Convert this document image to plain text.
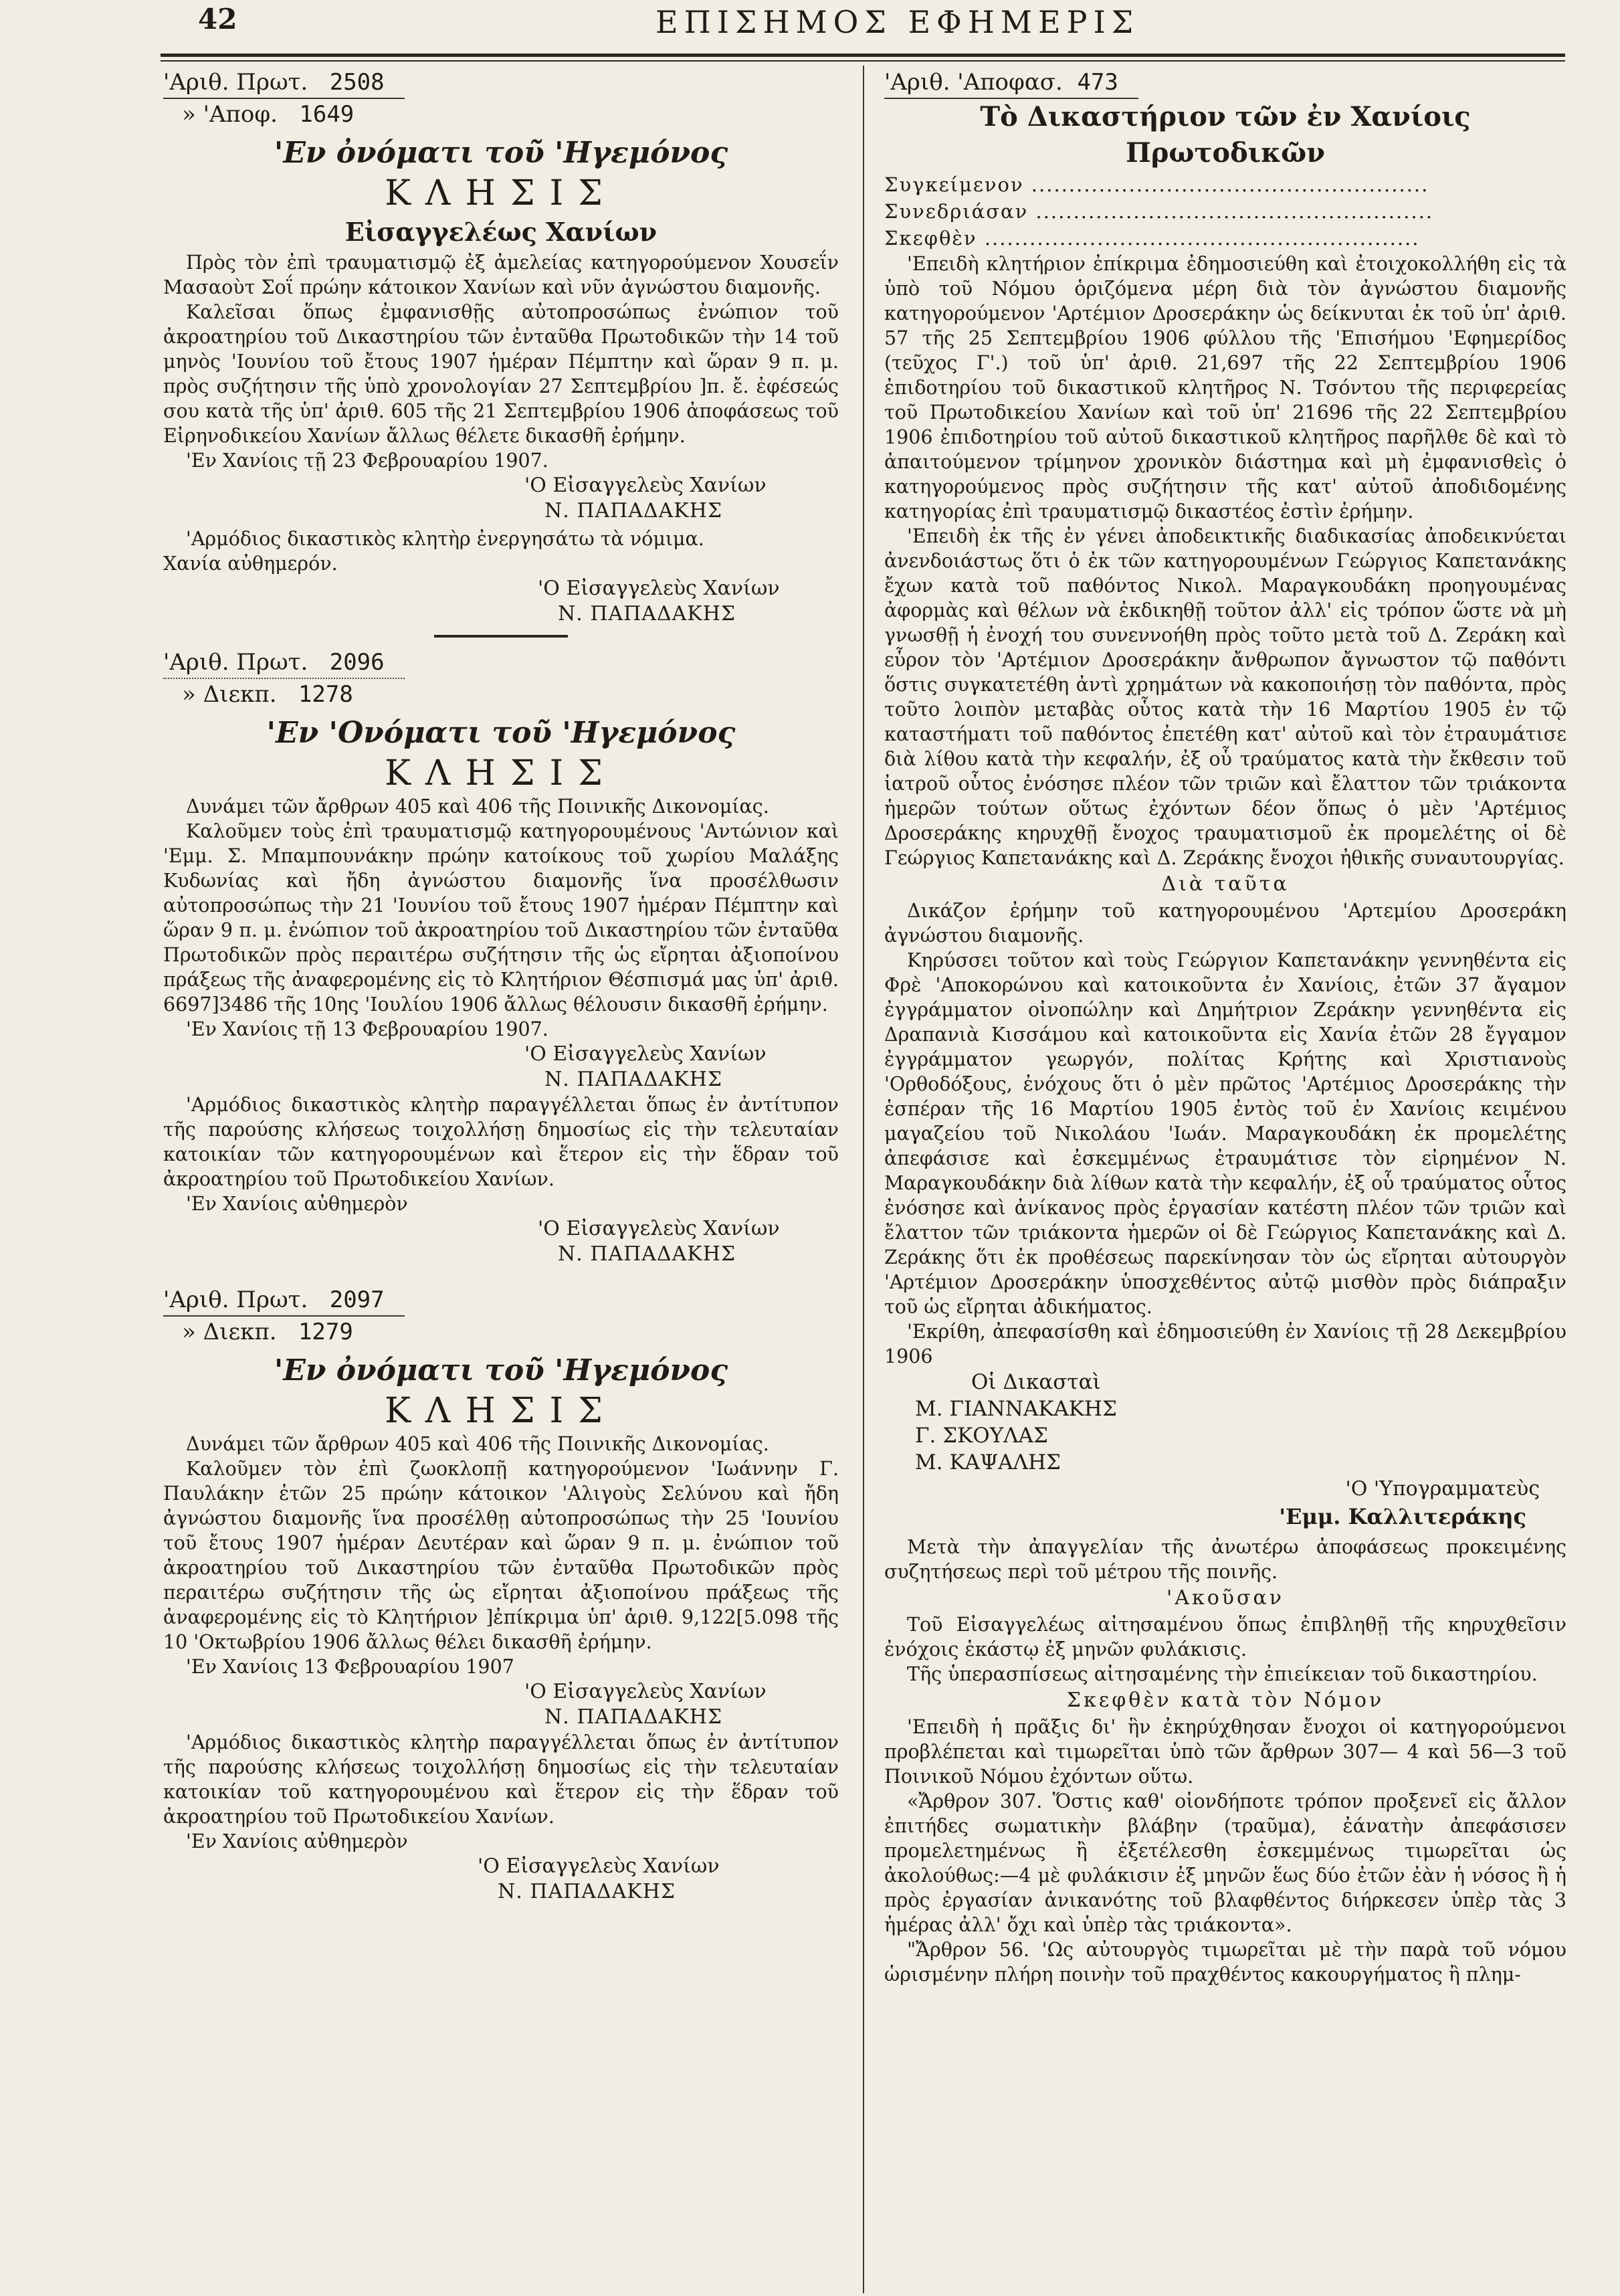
42	ΕΠΙΣΗΜΟΣ ΕΦΗΜΕΡΙΣ
'Αριθ. Πρωτ. 2508
» 'Αποφ. 1649
'Εν ὀνόματι τοῦ 'Ηγεμόνος
ΚΛΗΣΙΣ
Εἰσαγγελέως Χανίων

Πρὸς τὸν ἐπὶ τραυματισμῷ ἐξ ἀμελείας κατηγορούμενον Χουσεΐν Μασαοὺτ Σοΐ πρώην κάτοικον Χανίων καὶ νῦν ἀγνώστου διαμονῆς.

Καλεῖσαι ὅπως ἐμφανισθῇς αὐτοπροσώπως ἐνώπιον τοῦ ἀκροατηρίου τοῦ Δικαστηρίου τῶν ἐνταῦθα Πρωτοδικῶν τὴν 14 τοῦ μηνὸς 'Ιουνίου τοῦ ἔτους 1907 ἡμέραν Πέμπτην καὶ ὥραν 9 π. μ. πρὸς συζήτησιν τῆς ὑπὸ χρονολογίαν 27 Σεπτεμβρίου ]π. ἔ. ἐφέσεώς σου κατὰ τῆς ὑπ' ἀριθ. 605 τῆς 21 Σεπτεμβρίου 1906 ἀποφάσεως τοῦ Εἰρηνοδικείου Χανίων ἄλλως θέλετε δικασθῆ ἐρήμην.

'Εν Χανίοις τῇ 23 Φεβρουαρίου 1907.

'Ο Εἰσαγγελεὺς Χανίων
Ν. ΠΑΠΑΔΑΚΗΣ

'Αρμόδιος δικαστικὸς κλητὴρ ἐνεργησάτω τὰ νόμιμα.

Χανία αὐθημερόν.

'Ο Εἰσαγγελεὺς Χανίων
Ν. ΠΑΠΑΔΑΚΗΣ
'Αριθ. Πρωτ. 2096
» Διεκπ. 1278
'Εν 'Ονόματι τοῦ 'Ηγεμόνος
ΚΛΗΣΙΣ

Δυνάμει τῶν ἄρθρων 405 καὶ 406 τῆς Ποινικῆς Δικονομίας.

Καλοῦμεν τοὺς ἐπὶ τραυματισμῷ κατηγορουμένους 'Αντώνιον καὶ 'Εμμ. Σ. Μπαμπουνάκην πρώην κατοίκους τοῦ χωρίου Μαλάξης Κυδωνίας καὶ ἤδη ἀγνώστου διαμονῆς ἵνα προσέλθωσιν αὐτοπροσώπως τὴν 21 'Ιουνίου τοῦ ἔτους 1907 ἡμέραν Πέμπτην καὶ ὥραν 9 π. μ. ἐνώπιον τοῦ ἀκροατηρίου τοῦ Δικαστηρίου τῶν ἐνταῦθα Πρωτοδικῶν πρὸς περαιτέρω συζήτησιν τῆς ὡς εἴρηται ἀξιοποίνου πράξεως τῆς ἀναφερομένης εἰς τὸ Κλητήριον Θέσπισμά μας ὑπ' ἀριθ. 6697]3486 τῆς 10ης 'Ιουλίου 1906 ἄλλως θέλουσιν δικασθῆ ἐρήμην.

'Εν Χανίοις τῇ 13 Φεβρουαρίου 1907.

'Ο Εἰσαγγελεὺς Χανίων
Ν. ΠΑΠΑΔΑΚΗΣ

'Αρμόδιος δικαστικὸς κλητὴρ παραγγέλλεται ὅπως ἐν ἀντίτυπον τῆς παρούσης κλήσεως τοιχολλήσῃ δημοσίως εἰς τὴν τελευταίαν κατοικίαν τῶν κατηγορουμένων καὶ ἕτερον εἰς τὴν ἕδραν τοῦ ἀκροατηρίου τοῦ Πρωτοδικείου Χανίων.

'Εν Χανίοις αὐθημερὸν

'Ο Εἰσαγγελεὺς Χανίων
Ν. ΠΑΠΑΔΑΚΗΣ
'Αριθ. Πρωτ. 2097
» Διεκπ. 1279
'Εν ὀνόματι τοῦ 'Ηγεμόνος
ΚΛΗΣΙΣ

Δυνάμει τῶν ἄρθρων 405 καὶ 406 τῆς Ποινικῆς Δικονομίας.

Καλοῦμεν τὸν ἐπὶ ζωοκλοπῇ κατηγορούμενον 'Ιωάννην Γ. Παυλάκην ἐτῶν 25 πρώην κάτοικον 'Αλιγοὺς Σελύνου καὶ ἤδη ἀγνώστου διαμονῆς ἵνα προσέλθῃ αὐτοπροσώπως τὴν 25 'Ιουνίου τοῦ ἔτους 1907 ἡμέραν Δευτέραν καὶ ὥραν 9 π. μ. ἐνώπιον τοῦ ἀκροατηρίου τοῦ Δικαστηρίου τῶν ἐνταῦθα Πρωτοδικῶν πρὸς περαιτέρω συζήτησιν τῆς ὡς εἴρηται ἀξιοποίνου πράξεως τῆς ἀναφερομένης εἰς τὸ Κλητήριον ]ἐπίκριμα ὑπ' ἀριθ. 9,122[5.098 τῆς 10 'Οκτωβρίου 1906 ἄλλως θέλει δικασθῆ ἐρήμην.

'Εν Χανίοις 13 Φεβρουαρίου 1907

'Ο Εἰσαγγελεὺς Χανίων
Ν. ΠΑΠΑΔΑΚΗΣ

'Αρμόδιος δικαστικὸς κλητὴρ παραγγέλλεται ὅπως ἐν ἀντίτυπον τῆς παρούσης κλήσεως τοιχολλήσῃ δημοσίως εἰς τὴν τελευταίαν κατοικίαν τοῦ κατηγορουμένου καὶ ἕτερον εἰς τὴν ἕδραν τοῦ ἀκροατηρίου τοῦ Πρωτοδικείου Χανίων.

'Εν Χανίοις αὐθημερὸν

'Ο Εἰσαγγελεὺς Χανίων
Ν. ΠΑΠΑΔΑΚΗΣ
'Αριθ. 'Αποφασ. 473
Τὸ Δικαστήριον τῶν ἐν Χανίοις Πρωτοδικῶν
Συγκείμενον .....................................................
Συνεδριάσαν .....................................................
Σκεφθὲν ..........................................................

'Επειδὴ κλητήριον ἐπίκριμα ἐδημοσιεύθη καὶ ἐτοιχοκολλήθη εἰς τὰ ὑπὸ τοῦ Νόμου ὁριζόμενα μέρη διὰ τὸν ἀγνώστου διαμονῆς κατηγορούμενον 'Αρτέμιον Δροσεράκην ὡς δείκνυται ἐκ τοῦ ὑπ' ἀριθ. 57 τῆς 25 Σεπτεμβρίου 1906 φύλλου τῆς 'Επισήμου 'Εφημερίδος (τεῦχος Γ'.) τοῦ ὑπ' ἀριθ. 21,697 τῆς 22 Σεπτεμβρίου 1906 ἐπιδοτηρίου τοῦ δικαστικοῦ κλητῆρος Ν. Τσόντου τῆς περιφερείας τοῦ Πρωτοδικείου Χανίων καὶ τοῦ ὑπ' 21696 τῆς 22 Σεπτεμβρίου 1906 ἐπιδοτηρίου τοῦ αὐτοῦ δικαστικοῦ κλητῆρος παρῆλθε δὲ καὶ τὸ ἀπαιτούμενον τρίμηνον χρονικὸν διάστημα καὶ μὴ ἐμφανισθεὶς ὁ κατηγορούμενος πρὸς συζήτησιν τῆς κατ' αὐτοῦ ἀποδιδομένης κατηγορίας ἐπὶ τραυματισμῷ δικαστέος ἐστὶν ἐρήμην.

'Επειδὴ ἐκ τῆς ἐν γένει ἀποδεικτικῆς διαδικασίας ἀποδεικνύεται ἀνενδοιάστως ὅτι ὁ ἐκ τῶν κατηγορουμένων Γεώργιος Καπετανάκης ἔχων κατὰ τοῦ παθόντος Νικολ. Μαραγκουδάκη προηγουμένας ἀφορμὰς καὶ θέλων νὰ ἐκδικηθῇ τοῦτον ἀλλ' εἰς τρόπον ὥστε νὰ μὴ γνωσθῇ ἡ ἐνοχή του συνεννοήθη πρὸς τοῦτο μετὰ τοῦ Δ. Ζεράκη καὶ εὗρον τὸν 'Αρτέμιον Δροσεράκην ἄνθρωπον ἄγνωστον τῷ παθόντι ὅστις συγκατετέθη ἀντὶ χρημάτων νὰ κακοποιήσῃ τὸν παθόντα, πρὸς τοῦτο λοιπὸν μεταβὰς οὗτος κατὰ τὴν 16 Μαρτίου 1905 ἐν τῷ καταστήματι τοῦ παθόντος ἐπετέθη κατ' αὐτοῦ καὶ τὸν ἐτραυμάτισε διὰ λίθου κατὰ τὴν κεφαλήν, ἐξ οὗ τραύματος κατὰ τὴν ἔκθεσιν τοῦ ἰατροῦ οὗτος ἐνόσησε πλέον τῶν τριῶν καὶ ἔλαττον τῶν τριάκοντα ἡμερῶν τούτων οὕτως ἐχόντων δέον ὅπως ὁ μὲν 'Αρτέμιος Δροσεράκης κηρυχθῇ ἔνοχος τραυματισμοῦ ἐκ προμελέτης οἱ δὲ Γεώργιος Καπετανάκης καὶ Δ. Ζεράκης ἔνοχοι ἠθικῆς συναυτουργίας.

Διὰ ταῦτα

Δικάζον ἐρήμην τοῦ κατηγορουμένου 'Αρτεμίου Δροσεράκη ἀγνώστου διαμονῆς.

Κηρύσσει τοῦτον καὶ τοὺς Γεώργιον Καπετανάκην γεννηθέντα εἰς Φρὲ 'Αποκορώνου καὶ κατοικοῦντα ἐν Χανίοις, ἐτῶν 37 ἄγαμον ἐγγράμματον οἰνοπώλην καὶ Δημήτριον Ζεράκην γεννηθέντα εἰς Δραπανιὰ Κισσάμου καὶ κατοικοῦντα εἰς Χανία ἐτῶν 28 ἔγγαμον ἐγγράμματον γεωργόν, πολίτας Κρήτης καὶ Χριστιανοὺς 'Ορθοδόξους, ἐνόχους ὅτι ὁ μὲν πρῶτος 'Αρτέμιος Δροσεράκης τὴν ἑσπέραν τῆς 16 Μαρτίου 1905 ἐντὸς τοῦ ἐν Χανίοις κειμένου μαγαζείου τοῦ Νικολάου 'Ιωάν. Μαραγκουδάκη ἐκ προμελέτης ἀπεφάσισε καὶ ἐσκεμμένως ἐτραυμάτισε τὸν εἰρημένον Ν. Μαραγκουδάκην διὰ λίθων κατὰ τὴν κεφαλήν, ἐξ οὗ τραύματος οὗτος ἐνόσησε καὶ ἀνίκανος πρὸς ἐργασίαν κατέστη πλέον τῶν τριῶν καὶ ἔλαττον τῶν τριάκοντα ἡμερῶν οἱ δὲ Γεώργιος Καπετανάκης καὶ Δ. Ζεράκης ὅτι ἐκ προθέσεως παρεκίνησαν τὸν ὡς εἴρηται αὐτουργὸν 'Αρτέμιον Δροσεράκην ὑποσχεθέντος αὐτῷ μισθὸν πρὸς διάπραξιν τοῦ ὡς εἴρηται ἀδικήματος.

'Εκρίθη, ἀπεφασίσθη καὶ ἐδημοσιεύθη ἐν Χανίοις τῇ 28 Δεκεμβρίου 1906

Οἱ Δικασταὶ
Μ. ΓΙΑΝΝΑΚΑΚΗΣ
Γ. ΣΚΟΥΛΑΣ
Μ. ΚΑΨΑΛΗΣ
'Ο 'Υπογραμματεὺς
'Εμμ. Καλλιτεράκης

Μετὰ τὴν ἀπαγγελίαν τῆς ἀνωτέρω ἀποφάσεως προκειμένης συζητήσεως περὶ τοῦ μέτρου τῆς ποινῆς.

'Ακοῦσαν

Τοῦ Εἰσαγγελέως αἰτησαμένου ὅπως ἐπιβληθῇ τῆς κηρυχθεῖσιν ἐνόχοις ἑκάστῳ ἐξ μηνῶν φυλάκισις.

Τῆς ὑπερασπίσεως αἰτησαμένης τὴν ἐπιείκειαν τοῦ δικαστηρίου.

Σκεφθὲν κατὰ τὸν Νόμον

'Επειδὴ ἡ πρᾶξις δι' ἣν ἐκηρύχθησαν ἔνοχοι οἱ κατηγορούμενοι προβλέπεται καὶ τιμωρεῖται ὑπὸ τῶν ἄρθρων 307— 4 καὶ 56—3 τοῦ Ποινικοῦ Νόμου ἐχόντων οὕτω.

«Ἄρθρον 307. Ὅστις καθ' οἱονδήποτε τρόπον προξενεῖ εἰς ἄλλον ἐπιτήδες σωματικὴν βλάβην (τραῦμα), ἐάνατὴν ἀπεφάσισεν προμελετημένως ἢ ἐξετέλεσθη ἐσκεμμένως τιμωρεῖται ὡς ἀκολούθως:—4 μὲ φυλάκισιν ἐξ μηνῶν ἕως δύο ἐτῶν ἐὰν ἡ νόσος ἢ ἡ πρὸς ἐργασίαν ἀνικανότης τοῦ βλαφθέντος διήρκεσεν ὑπὲρ τὰς 3 ἡμέρας ἀλλ' ὄχι καὶ ὑπὲρ τὰς τριάκοντα».

"Ἄρθρον 56. 'Ως αὐτουργὸς τιμωρεῖται μὲ τὴν παρὰ τοῦ νόμου ὡρισμένην πλήρη ποινὴν τοῦ πραχθέντος κακουργήματος ἢ πλημ-
